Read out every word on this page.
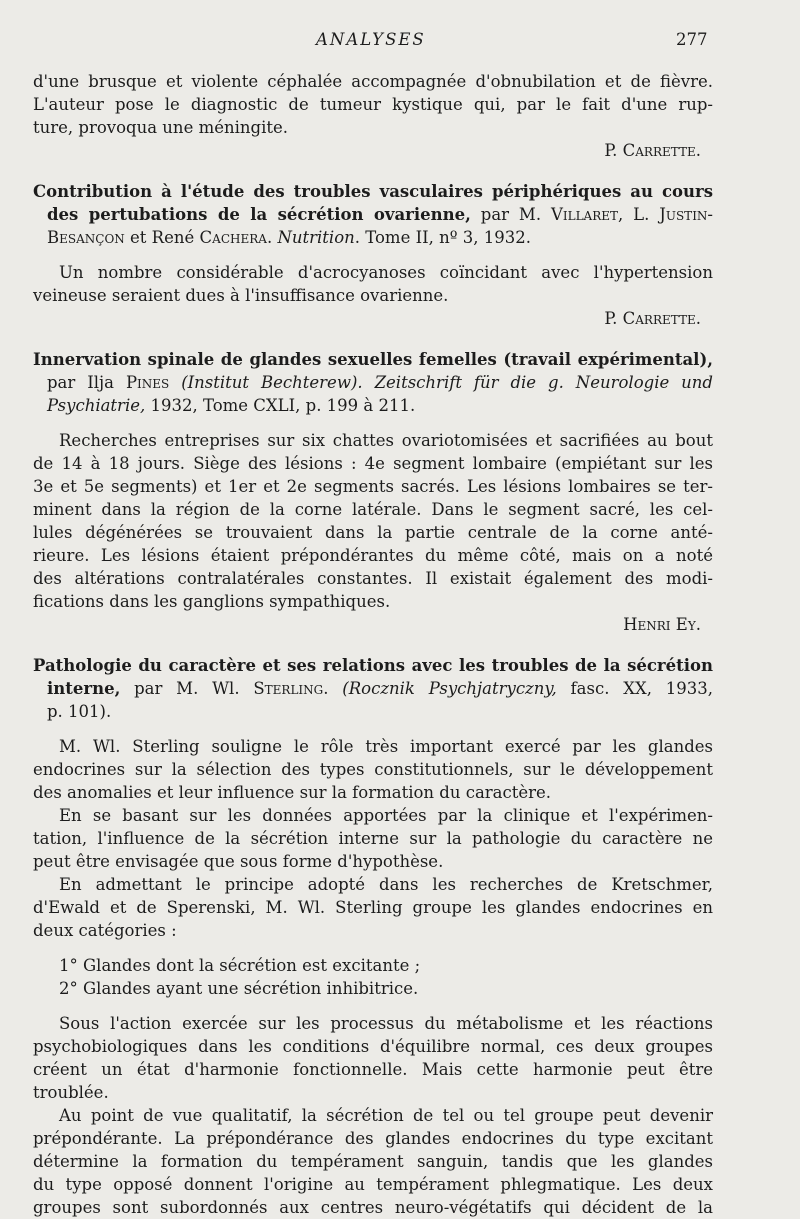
ANALYSES	277
d'une brusque et violente céphalée accompagnée d'obnubilation et de fièvre.
L'auteur pose le diagnostic de tumeur kystique qui, par le fait d'une rup-
ture, provoqua une méningite.
P. Carrette.
Contribution à l'étude des troubles vasculaires périphériques au cours
des pertubations de la sécrétion ovarienne, par M. Villaret, L. Justin-
Besançon et René Cachera. Nutrition. Tome II, nº 3, 1932.
Un nombre considérable d'acrocyanoses coïncidant avec l'hypertension
veineuse seraient dues à l'insuffisance ovarienne.
P. Carrette.
Innervation spinale de glandes sexuelles femelles (travail expérimental),
par Ilja Pines (Institut Bechterew). Zeitschrift für die g. Neurologie und
Psychiatrie, 1932, Tome CXLI, p. 199 à 211.
Recherches entreprises sur six chattes ovariotomisées et sacrifiées au bout
de 14 à 18 jours. Siège des lésions : 4e segment lombaire (empiétant sur les
3e et 5e segments) et 1er et 2e segments sacrés. Les lésions lombaires se ter-
minent dans la région de la corne latérale. Dans le segment sacré, les cel-
lules dégénérées se trouvaient dans la partie centrale de la corne anté-
rieure. Les lésions étaient prépondérantes du même côté, mais on a noté
des altérations contralatérales constantes. Il existait également des modi-
fications dans les ganglions sympathiques.
Henri Ey.
Pathologie du caractère et ses relations avec les troubles de la sécrétion
interne, par M. Wl. Sterling. (Rocznik Psychjatryczny, fasc. XX, 1933,
p. 101).
M. Wl. Sterling souligne le rôle très important exercé par les glandes
endocrines sur la sélection des types constitutionnels, sur le développement
des anomalies et leur influence sur la formation du caractère.
En se basant sur les données apportées par la clinique et l'expérimen-
tation, l'influence de la sécrétion interne sur la pathologie du caractère ne
peut être envisagée que sous forme d'hypothèse.
En admettant le principe adopté dans les recherches de Kretschmer,
d'Ewald et de Sperenski, M. Wl. Sterling groupe les glandes endocrines en
deux catégories :
1° Glandes dont la sécrétion est excitante ;
2° Glandes ayant une sécrétion inhibitrice.
Sous l'action exercée sur les processus du métabolisme et les réactions
psychobiologiques dans les conditions d'équilibre normal, ces deux groupes
créent un état d'harmonie fonctionnelle. Mais cette harmonie peut être
troublée.
Au point de vue qualitatif, la sécrétion de tel ou tel groupe peut devenir
prépondérante. La prépondérance des glandes endocrines du type excitant
détermine la formation du tempérament sanguin, tandis que les glandes
du type opposé donnent l'origine au tempérament phlegmatique. Les deux
groupes sont subordonnés aux centres neuro-végétatifs qui décident de la
